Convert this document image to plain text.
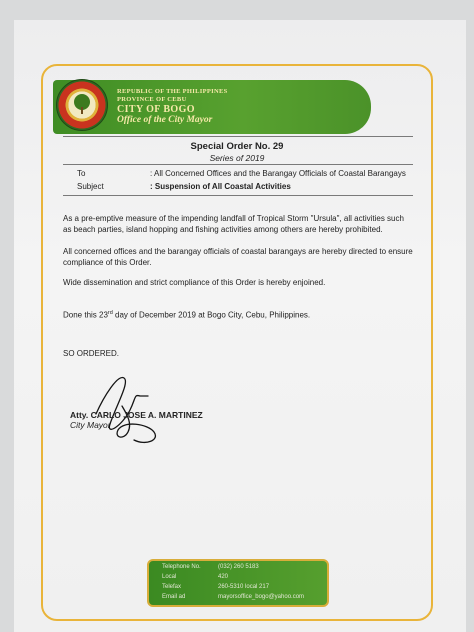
REPUBLIC OF THE PHILIPPINES
PROVINCE OF CEBU
CITY OF BOGO
Office of the City Mayor
Special Order No. 29
Series of 2019
To	: All Concerned Offices and the Barangay Officials of Coastal Barangays
Subject	: Suspension of All Coastal Activities
As a pre-emptive measure of the impending landfall of Tropical Storm "Ursula", all activities such as beach parties, island hopping and fishing activities among others are hereby prohibited.
All concerned offices and the barangay officials of coastal barangays are hereby directed to ensure compliance of this Order.
Wide dissemination and strict compliance of this Order is hereby enjoined.
Done this 23rd day of December 2019 at Bogo City, Cebu, Philippines.
SO ORDERED.
Atty. CARLO JOSE A. MARTINEZ
City Mayor
Telephone No.	(032) 260 5183
Local	420
Telefax	260-5310 local 217
Email ad	mayorsoffice_bogo@yahoo.com
